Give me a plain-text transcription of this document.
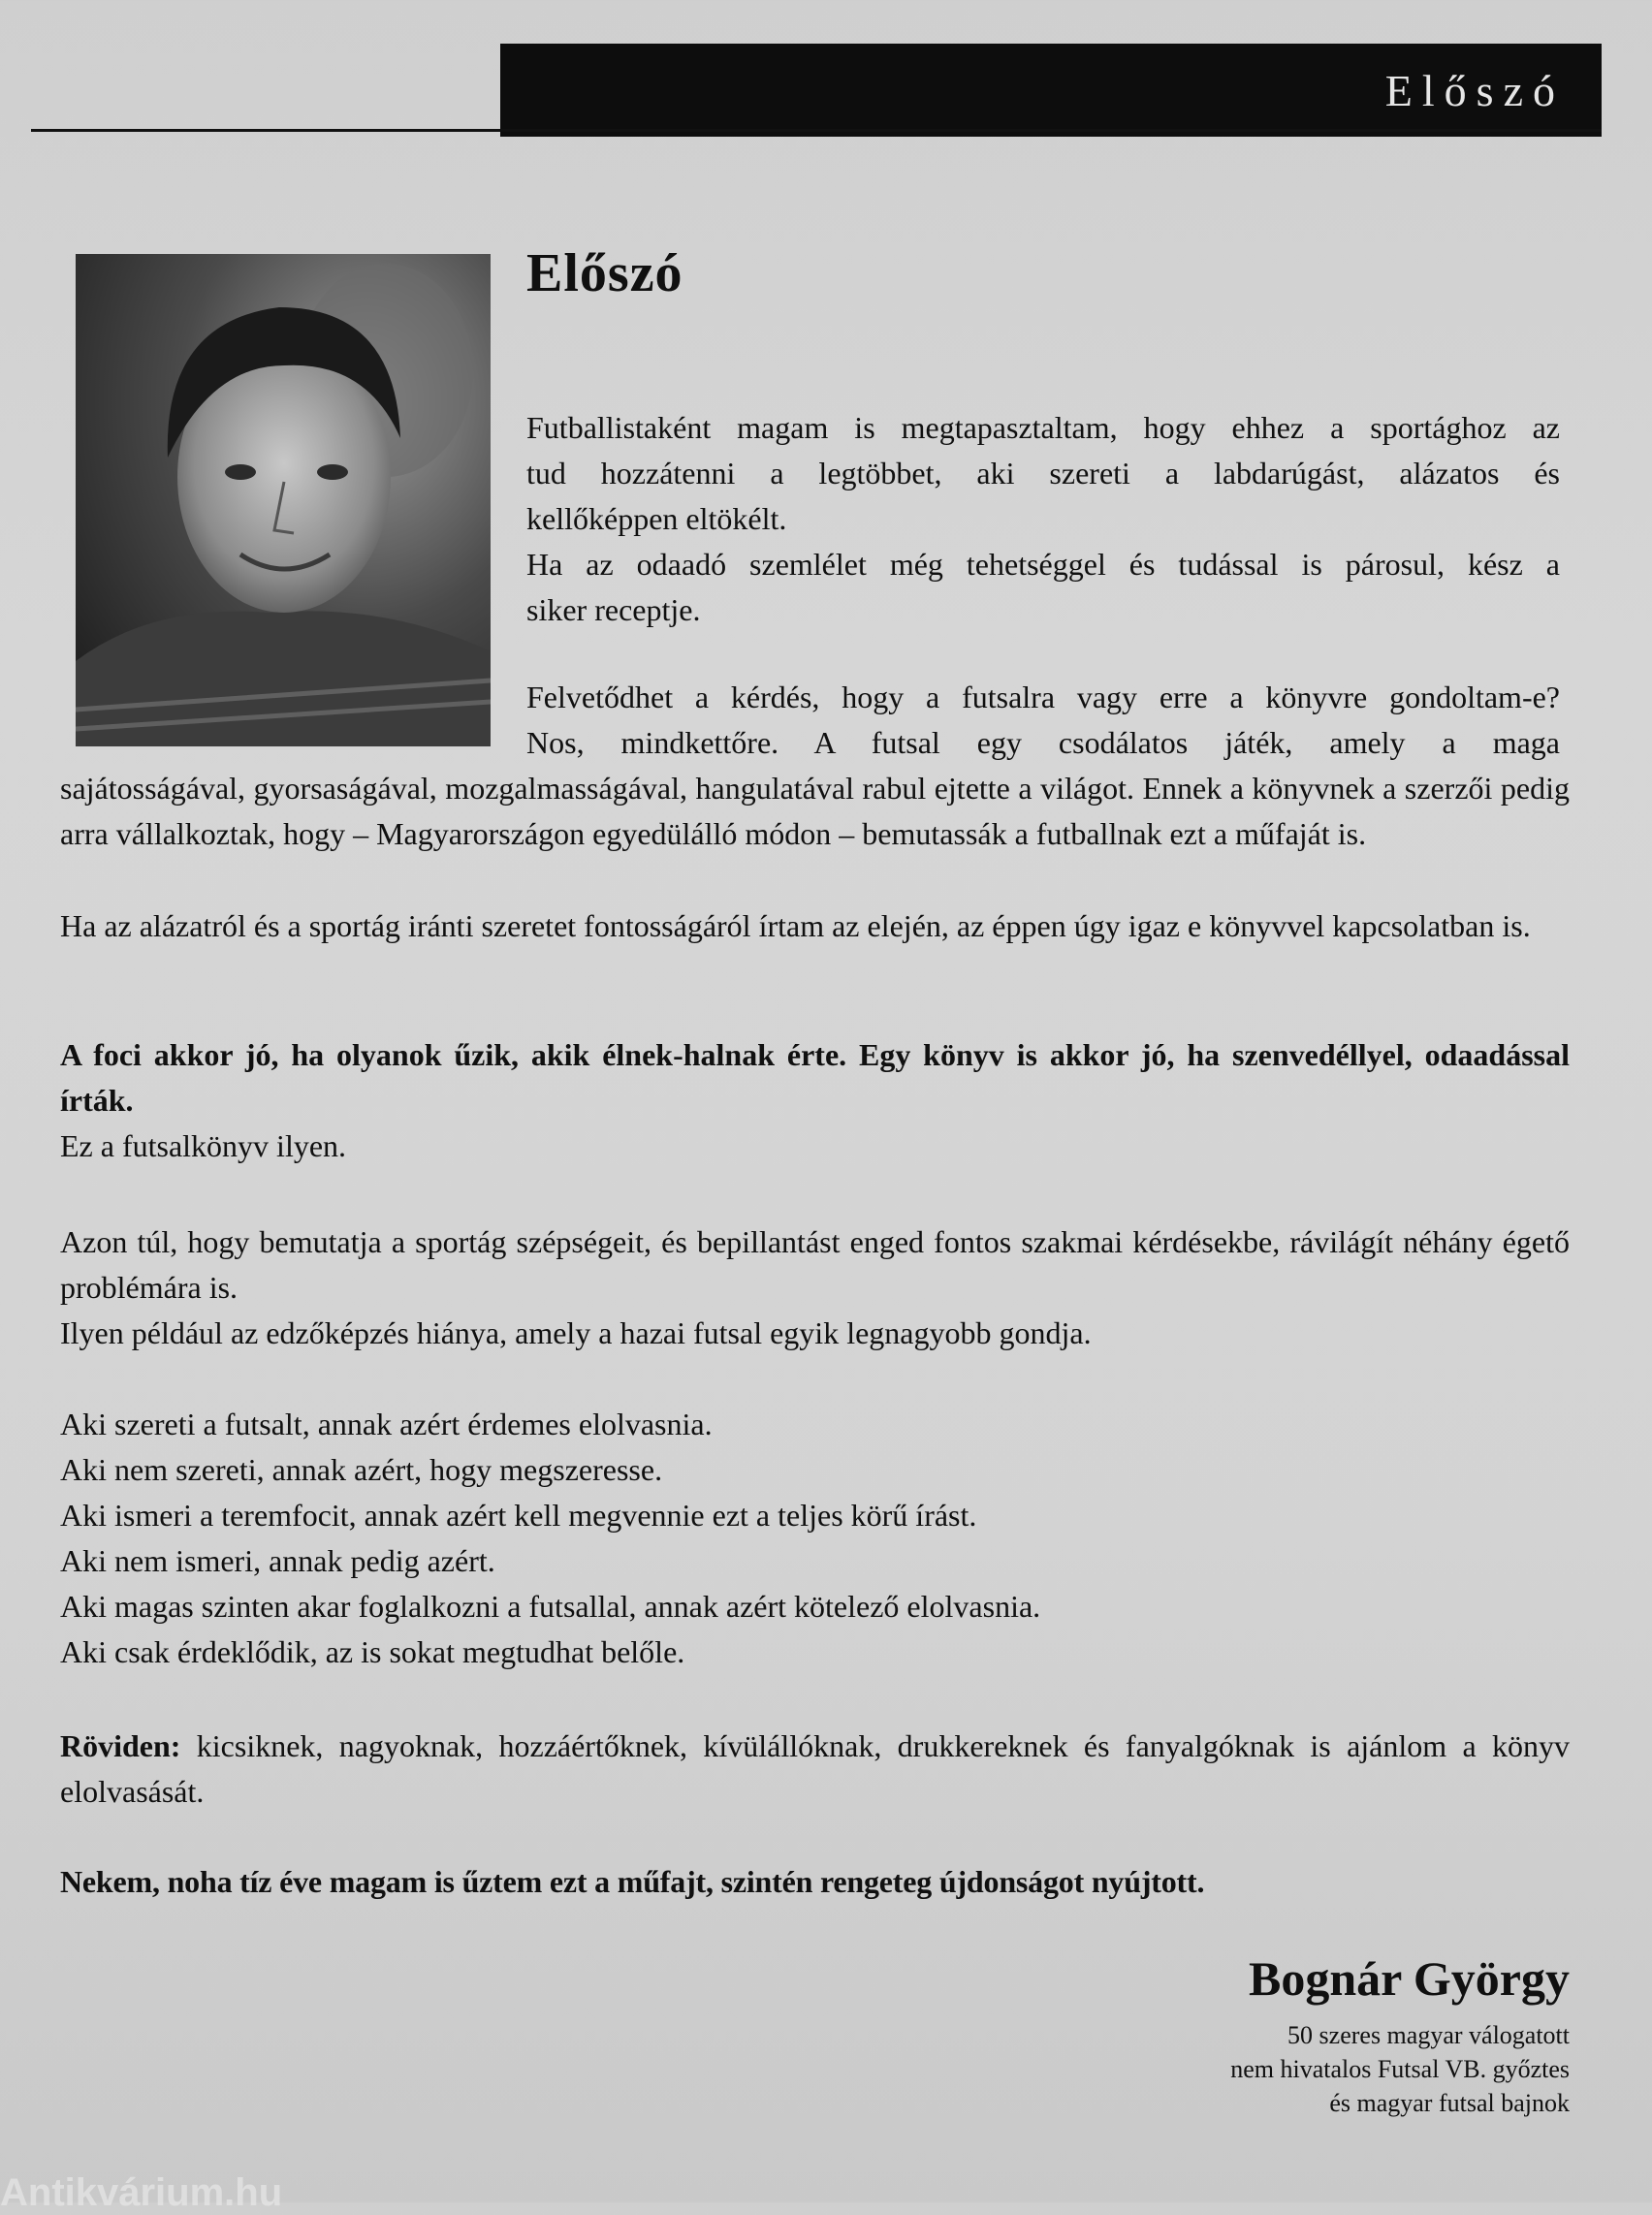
Előszó
Előszó
Futballistaként magam is megtapasztaltam, hogy ehhez a sportághoz az
tud hozzátenni a legtöbbet, aki szereti a labdarúgást, alázatos és
kellőképpen eltökélt.
Ha az odaadó szemlélet még tehetséggel és tudással is párosul, kész a
siker receptje.
Felvetődhet a kérdés, hogy a futsalra vagy erre a könyvre gondoltam-e?
Nos, mindkettőre. A futsal egy csodálatos játék, amely a maga

sajátosságával, gyorsaságával, mozgalmasságával, hangulatával rabul ejtette a világot. Ennek a könyvnek a szerzői pedig arra vállalkoztak, hogy – Magyarországon egyedülálló módon – bemutassák a futballnak ezt a műfaját is.

Ha az alázatról és a sportág iránti szeretet fontosságáról írtam az elején, az éppen úgy igaz e könyvvel kapcsolatban is.

A foci akkor jó, ha olyanok űzik, akik élnek-halnak érte. Egy könyv is akkor jó, ha szenvedéllyel, odaadással írták.
Ez a futsalkönyv ilyen.
Azon túl, hogy bemutatja a sportág szépségeit, és bepillantást enged fontos szakmai kérdésekbe, rávilágít néhány égető problémára is.
Ilyen például az edzőképzés hiánya, amely a hazai futsal egyik legnagyobb gondja.
Aki szereti a futsalt, annak azért érdemes elolvasnia.
Aki nem szereti, annak azért, hogy megszeresse.
Aki ismeri a teremfocit, annak azért kell megvennie ezt a teljes körű írást.
Aki nem ismeri, annak pedig azért.
Aki magas szinten akar foglalkozni a futsallal, annak azért kötelező elolvasnia.
Aki csak érdeklődik, az is sokat megtudhat belőle.

Röviden: kicsiknek, nagyoknak, hozzáértőknek, kívülállóknak, drukkereknek és fanyalgóknak is ajánlom a könyv elolvasását.

Nekem, noha tíz éve magam is űztem ezt a műfajt, szintén rengeteg újdonságot nyújtott.

Bognár György
50 szeres magyar válogatott
nem hivatalos Futsal VB. győztes
és magyar futsal bajnok
Antikvárium.hu
